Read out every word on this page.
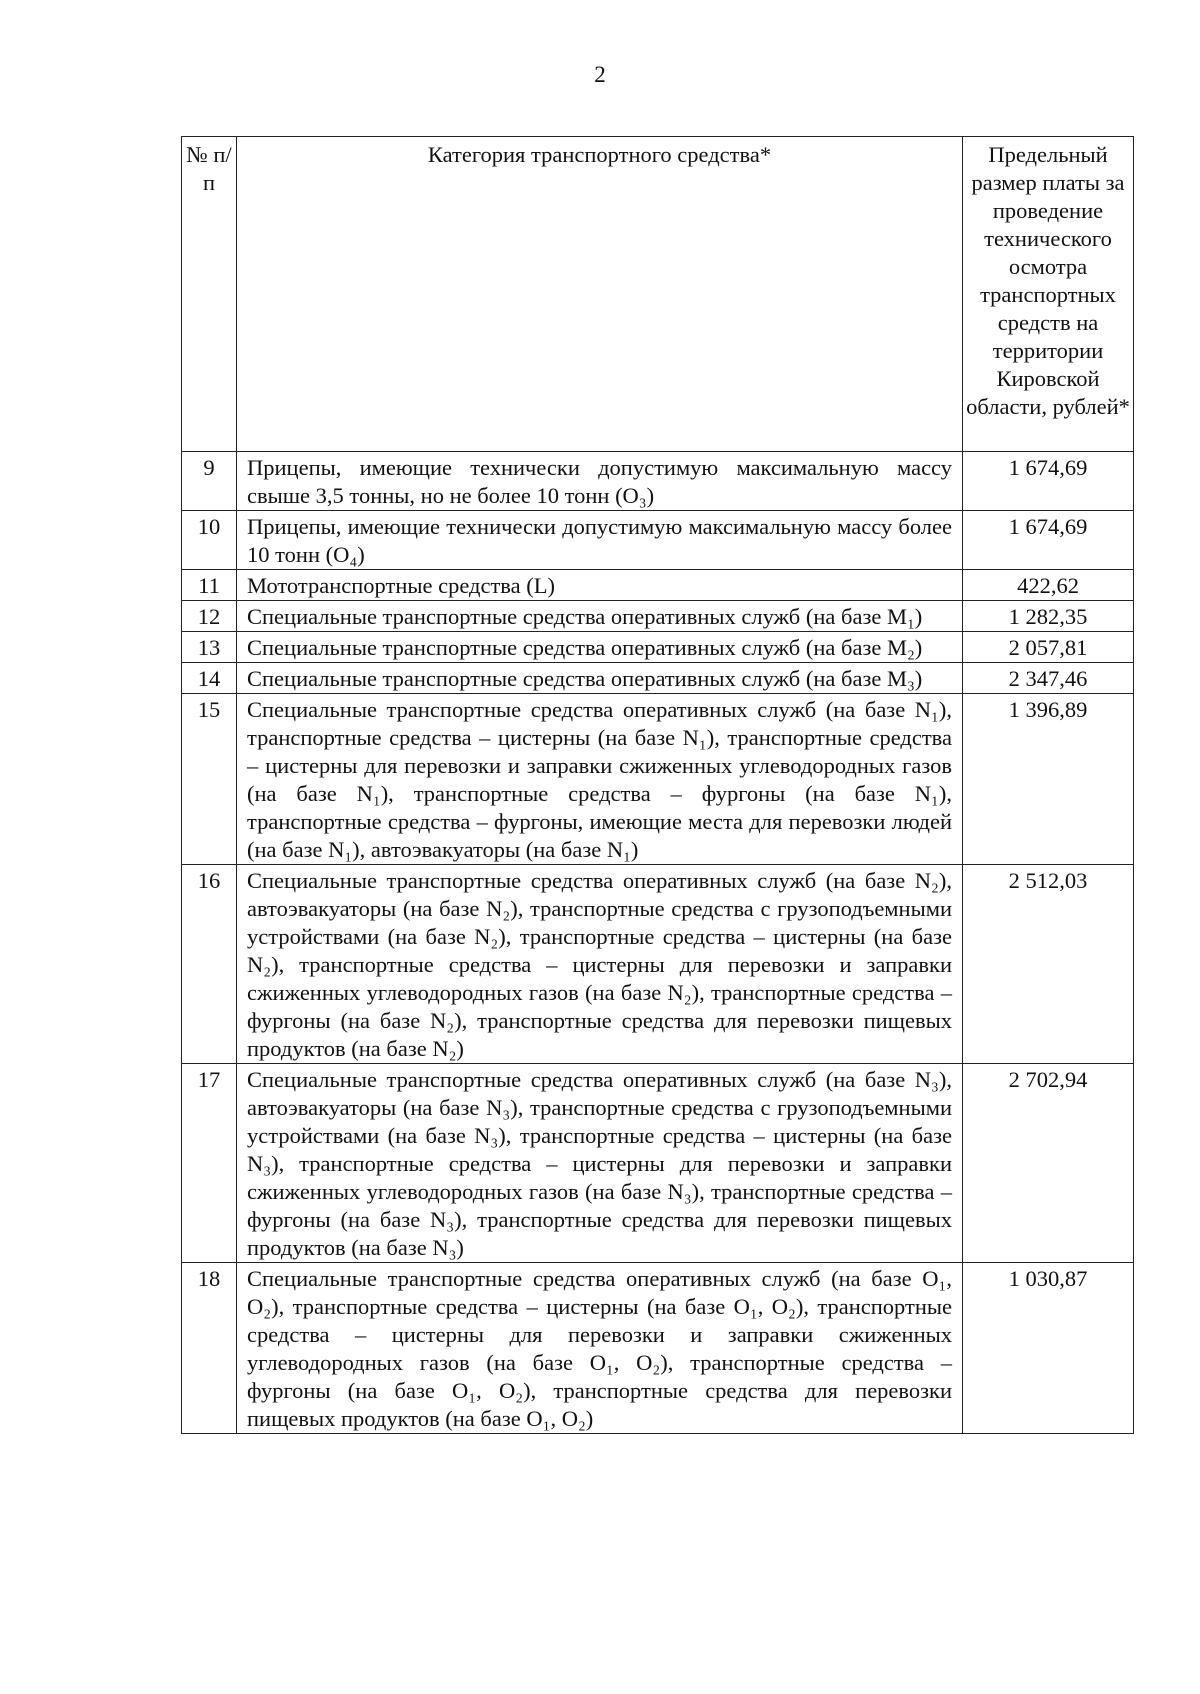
2
№ п/п	Категория транспортного средства*	Предельный размер платы за проведение технического осмотра транспортных средств на территории Кировской области, рублей*
9	Прицепы, имеющие технически допустимую максимальную массу свыше 3,5 тонны, но не более 10 тонн (O₃)	1 674,69
10	Прицепы, имеющие технически допустимую максимальную массу более 10 тонн (O₄)	1 674,69
11	Мототранспортные средства (L)	422,62
12	Специальные транспортные средства оперативных служб (на базе M₁)	1 282,35
13	Специальные транспортные средства оперативных служб (на базе M₂)	2 057,81
14	Специальные транспортные средства оперативных служб (на базе M₃)	2 347,46
15	Специальные транспортные средства оперативных служб (на базе N₁), транспортные средства – цистерны (на базе N₁), транспортные средства – цистерны для перевозки и заправки сжиженных углеводородных газов (на базе N₁), транспортные средства – фургоны (на базе N₁), транспортные средства – фургоны, имеющие места для перевозки людей (на базе N₁), автоэвакуаторы (на базе N₁)	1 396,89
16	Специальные транспортные средства оперативных служб (на базе N₂), автоэвакуаторы (на базе N₂), транспортные средства с грузоподъемными устройствами (на базе N₂), транспортные средства – цистерны (на базе N₂), транспортные средства – цистерны для перевозки и заправки сжиженных углеводородных газов (на базе N₂), транспортные средства – фургоны (на базе N₂), транспортные средства для перевозки пищевых продуктов (на базе N₂)	2 512,03
17	Специальные транспортные средства оперативных служб (на базе N₃), автоэвакуаторы (на базе N₃), транспортные средства с грузоподъемными устройствами (на базе N₃), транспортные средства – цистерны (на базе N₃), транспортные средства – цистерны для перевозки и заправки сжиженных углеводородных газов (на базе N₃), транспортные средства – фургоны (на базе N₃), транспортные средства для перевозки пищевых продуктов (на базе N₃)	2 702,94
18	Специальные транспортные средства оперативных служб (на базе O₁, O₂), транспортные средства – цистерны (на базе O₁, O₂), транспортные средства – цистерны для перевозки и заправки сжиженных углеводородных газов (на базе O₁, O₂), транспортные средства – фургоны (на базе O₁, O₂), транспортные средства для перевозки пищевых продуктов (на базе O₁, O₂)	1 030,87
